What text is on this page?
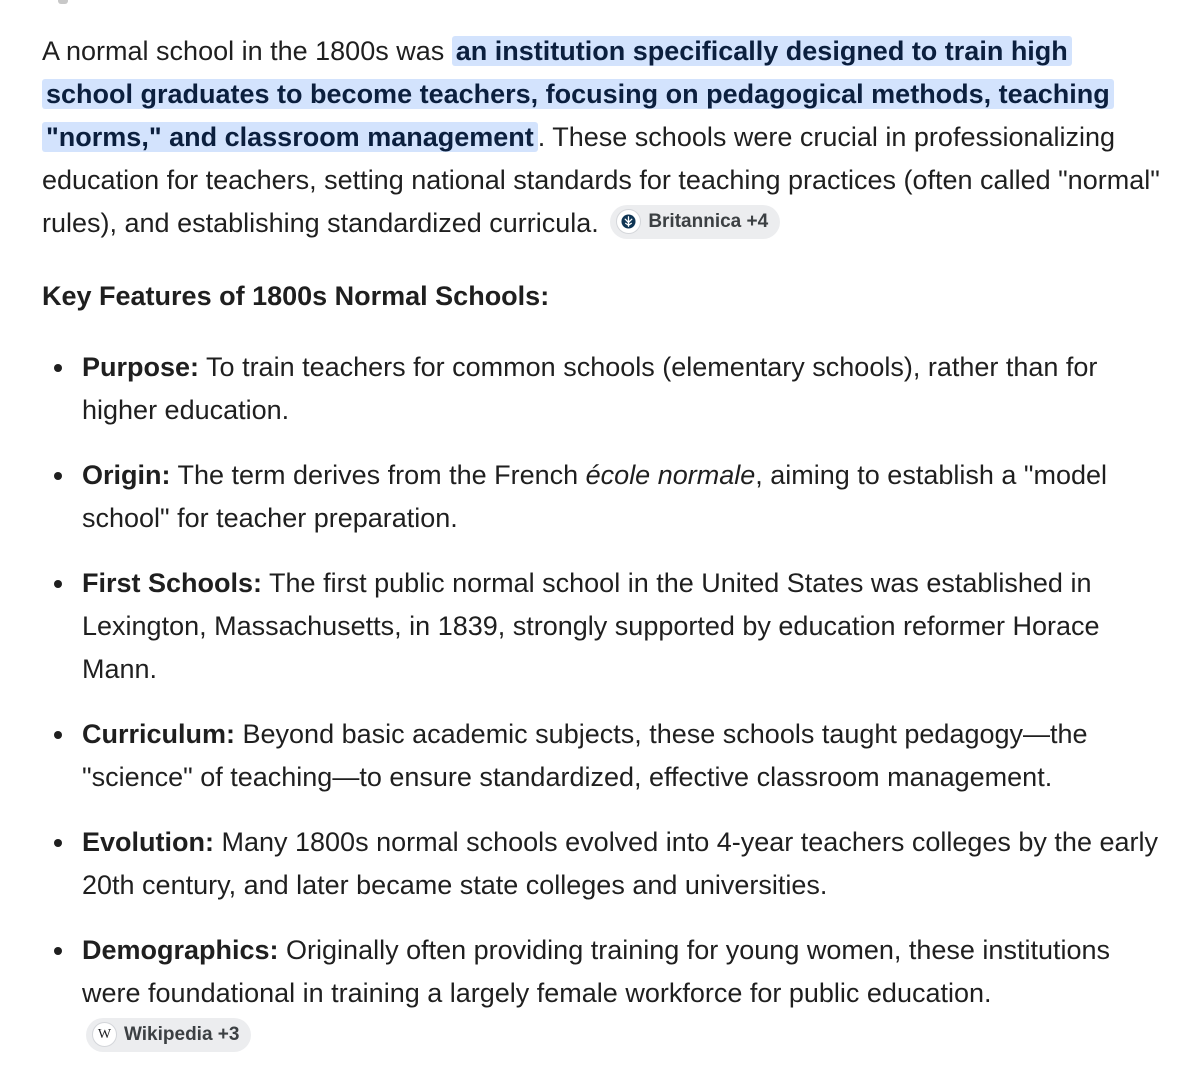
A normal school in the 1800s was an institution specifically designed to train high school graduates to become teachers, focusing on pedagogical methods, teaching "norms," and classroom management . These schools were crucial in professionalizing education for teachers, setting national standards for teaching practices (often called "normal" rules), and establishing standardized curricula. Britannica +4

Key Features of 1800s Normal Schools:
Purpose: To train teachers for common schools (elementary schools), rather than for higher education.
Origin: The term derives from the French école normale, aiming to establish a "model school" for teacher preparation.
First Schools: The first public normal school in the United States was established in Lexington, Massachusetts, in 1839, strongly supported by education reformer Horace Mann.
Curriculum: Beyond basic academic subjects, these schools taught pedagogy—the "science" of teaching—to ensure standardized, effective classroom management.
Evolution: Many 1800s normal schools evolved into 4-year teachers colleges by the early 20th century, and later became state colleges and universities.
Demographics: Originally often providing training for young women, these institutions were foundational in training a largely female workforce for public education.
W Wikipedia +3
